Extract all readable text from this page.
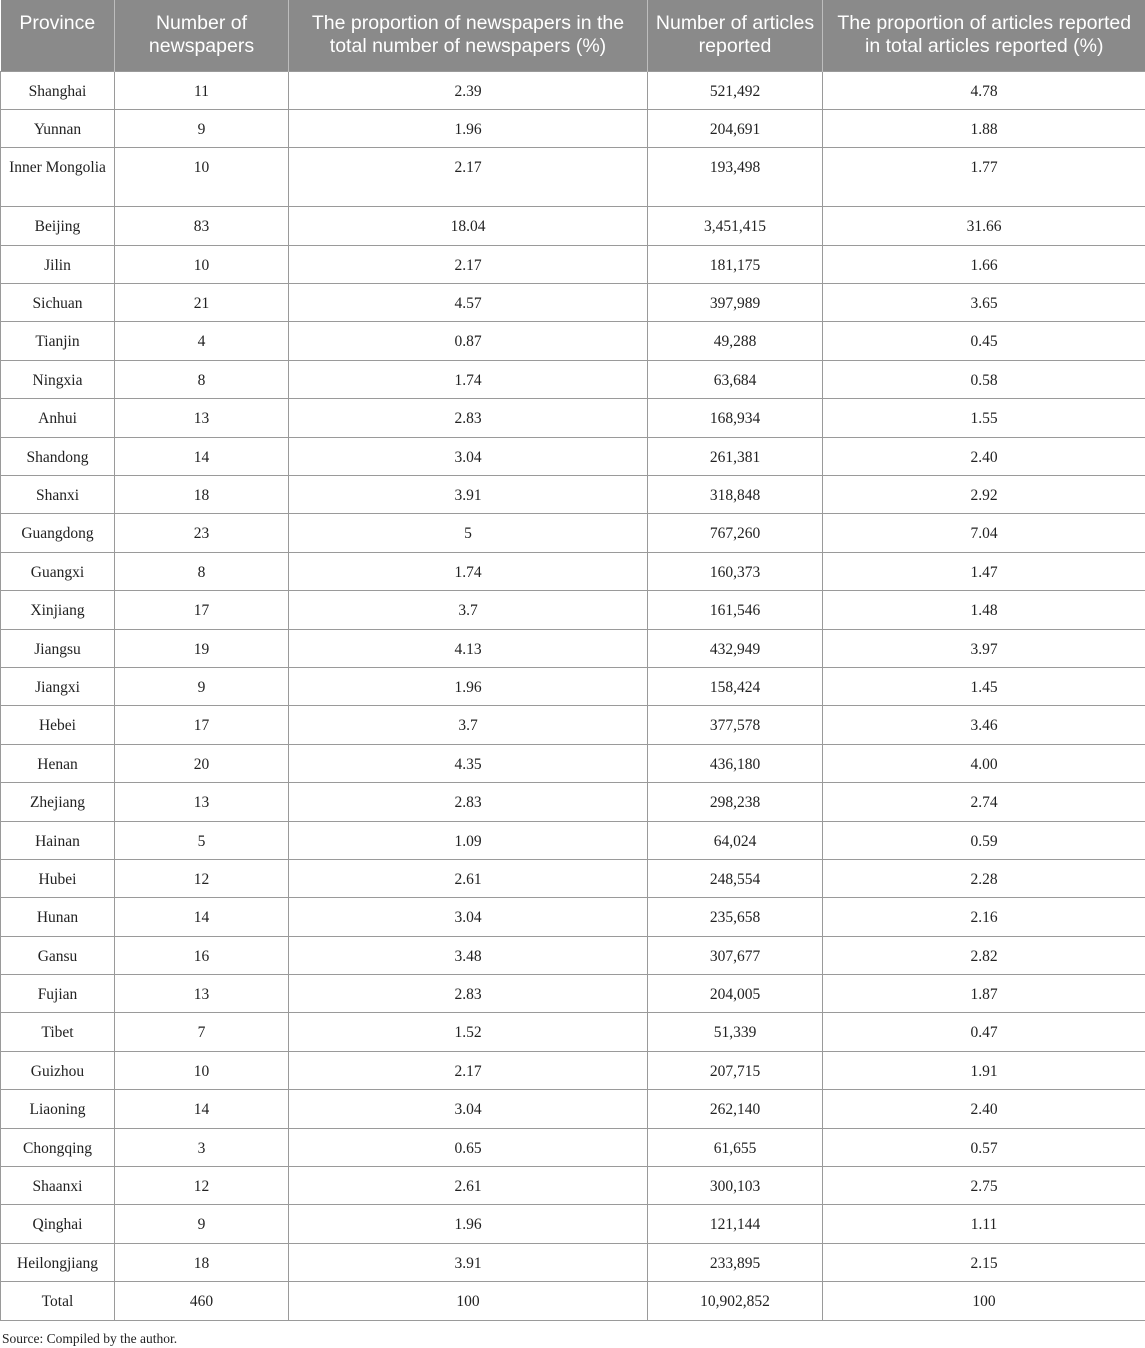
Province	Number of newspapers	The proportion of newspapers in the total number of newspapers (%)	Number of articles reported	The proportion of articles reported in total articles reported (%)
Shanghai	11	2.39	521,492	4.78
Yunnan	9	1.96	204,691	1.88
Inner Mongolia	10	2.17	193,498	1.77
Beijing	83	18.04	3,451,415	31.66
Jilin	10	2.17	181,175	1.66
Sichuan	21	4.57	397,989	3.65
Tianjin	4	0.87	49,288	0.45
Ningxia	8	1.74	63,684	0.58
Anhui	13	2.83	168,934	1.55
Shandong	14	3.04	261,381	2.40
Shanxi	18	3.91	318,848	2.92
Guangdong	23	5	767,260	7.04
Guangxi	8	1.74	160,373	1.47
Xinjiang	17	3.7	161,546	1.48
Jiangsu	19	4.13	432,949	3.97
Jiangxi	9	1.96	158,424	1.45
Hebei	17	3.7	377,578	3.46
Henan	20	4.35	436,180	4.00
Zhejiang	13	2.83	298,238	2.74
Hainan	5	1.09	64,024	0.59
Hubei	12	2.61	248,554	2.28
Hunan	14	3.04	235,658	2.16
Gansu	16	3.48	307,677	2.82
Fujian	13	2.83	204,005	1.87
Tibet	7	1.52	51,339	0.47
Guizhou	10	2.17	207,715	1.91
Liaoning	14	3.04	262,140	2.40
Chongqing	3	0.65	61,655	0.57
Shaanxi	12	2.61	300,103	2.75
Qinghai	9	1.96	121,144	1.11
Heilongjiang	18	3.91	233,895	2.15
Total	460	100	10,902,852	100
Source: Compiled by the author.
